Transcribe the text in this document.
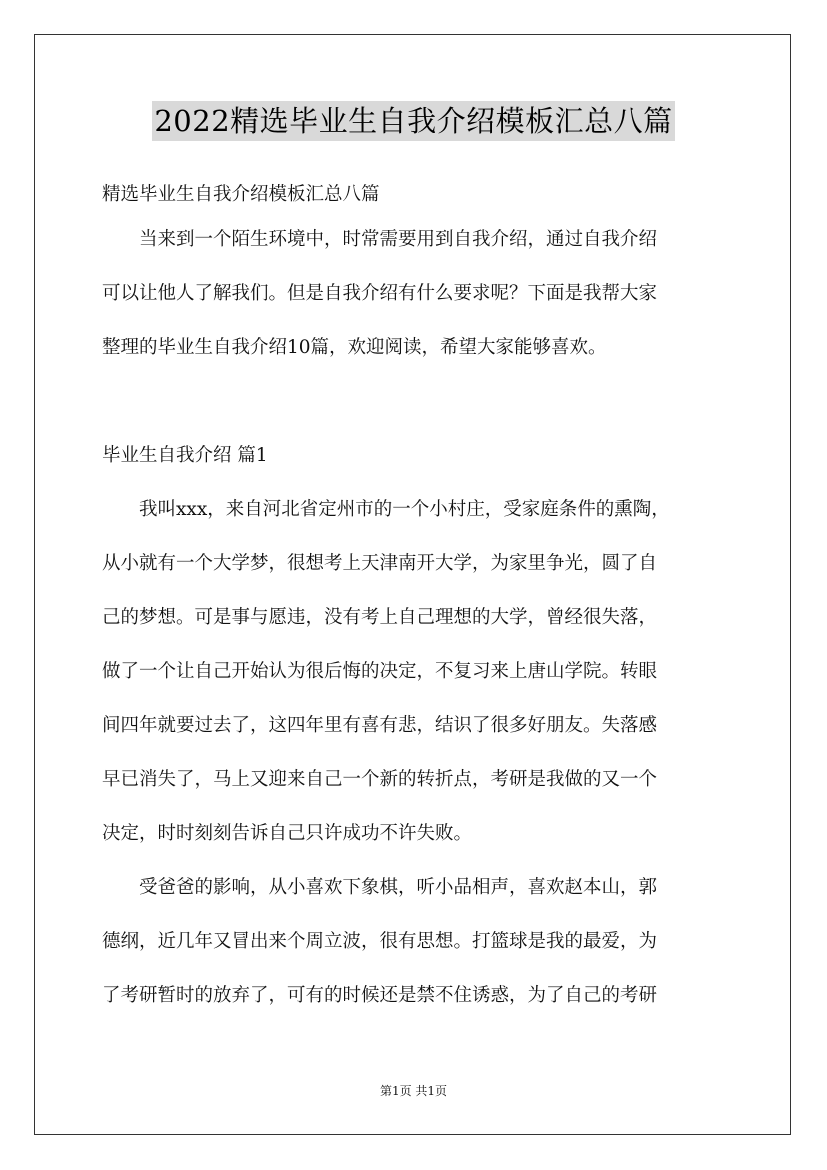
2022精选毕业生自我介绍模板汇总八篇

精选毕业生自我介绍模板汇总八篇

当来到一个陌生环境中，时常需要用到自我介绍，通过自我介绍

可以让他人了解我们。但是自我介绍有什么要求呢？下面是我帮大家

整理的毕业生自我介绍10篇，欢迎阅读，希望大家能够喜欢。

毕业生自我介绍 篇1

我叫xxx，来自河北省定州市的一个小村庄，受家庭条件的熏陶，

从小就有一个大学梦，很想考上天津南开大学，为家里争光，圆了自

己的梦想。可是事与愿违，没有考上自己理想的大学，曾经很失落，

做了一个让自己开始认为很后悔的决定，不复习来上唐山学院。转眼

间四年就要过去了，这四年里有喜有悲，结识了很多好朋友。失落感

早已消失了，马上又迎来自己一个新的转折点，考研是我做的又一个

决定，时时刻刻告诉自己只许成功不许失败。

受爸爸的影响，从小喜欢下象棋，听小品相声，喜欢赵本山，郭

德纲，近几年又冒出来个周立波，很有思想。打篮球是我的最爱，为

了考研暂时的放弃了，可有的时候还是禁不住诱惑，为了自己的考研

第1页 共1页
